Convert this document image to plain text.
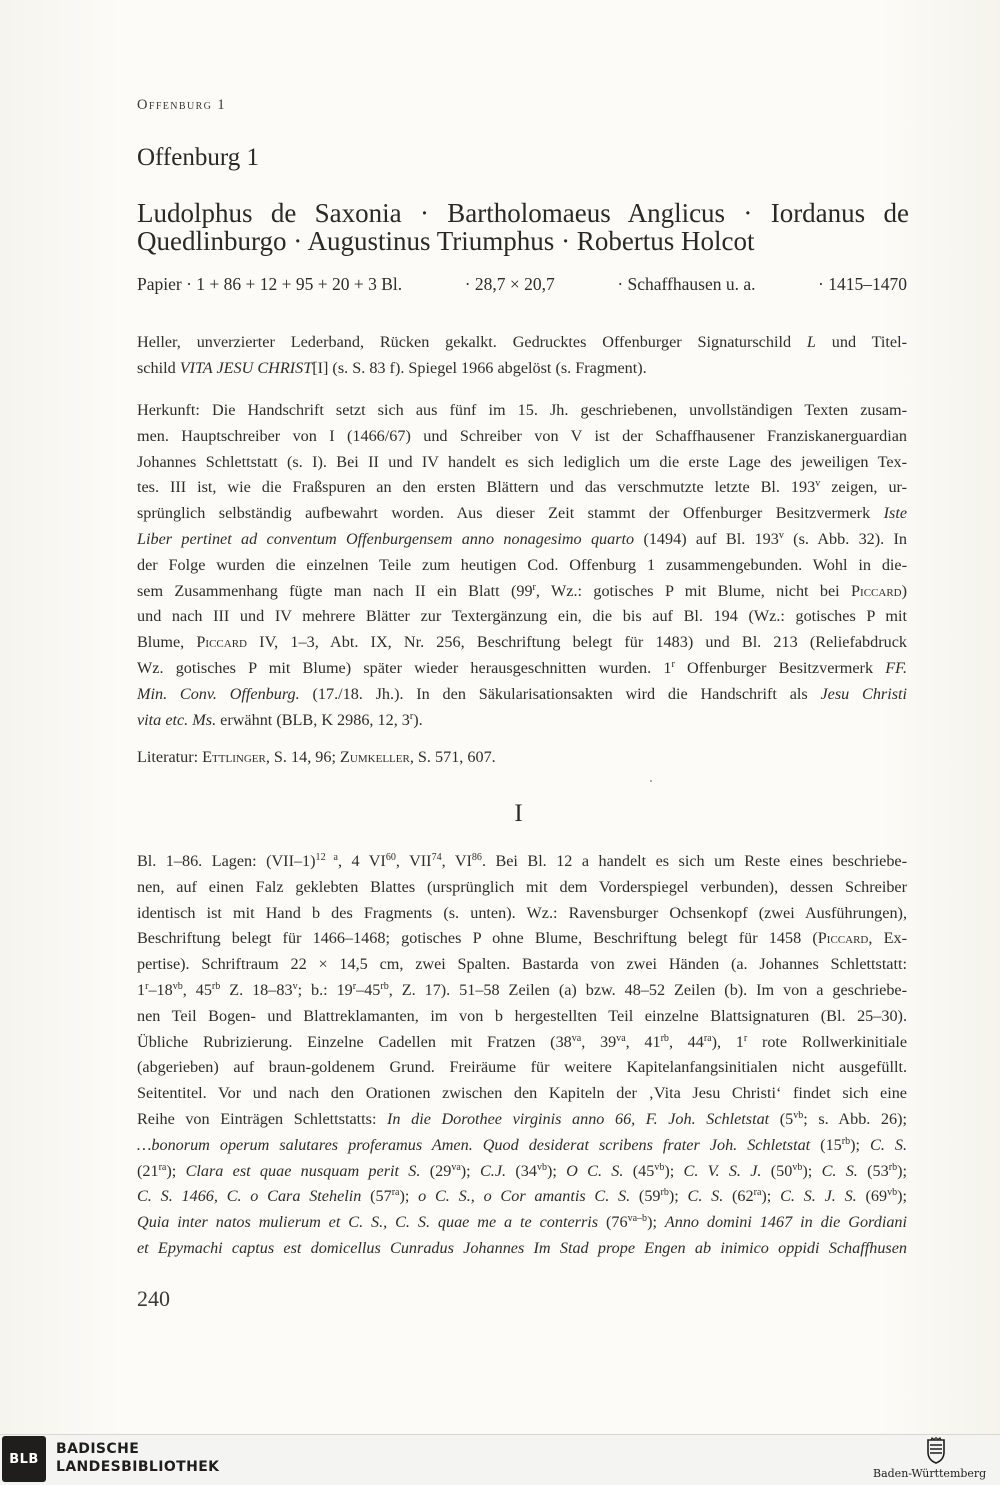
Offenburg 1
Offenburg 1
Ludolphus de Saxonia · Bartholomaeus Anglicus · Iordanus de
Quedlinburgo · Augustinus Triumphus · Robertus Holcot
Papier · 1 + 86 + 12 + 95 + 20 + 3 Bl.	· 28,7 × 20,7	· Schaffhausen u. a.	· 1415–1470
Heller, unverzierter Lederband, Rücken gekalkt. Gedrucktes Offenburger Signaturschild L und Titel-
schild VITA JESU CHRIST[I] (s. S. 83 f). Spiegel 1966 abgelöst (s. Fragment).
Herkunft: Die Handschrift setzt sich aus fünf im 15. Jh. geschriebenen, unvollständigen Texten zusam-
men. Hauptschreiber von I (1466/67) und Schreiber von V ist der Schaffhausener Franziskanerguardian
Johannes Schlettstatt (s. I). Bei II und IV handelt es sich lediglich um die erste Lage des jeweiligen Tex-
tes. III ist, wie die Fraßspuren an den ersten Blättern und das verschmutzte letzte Bl. 193$^v$ zeigen, ur-
sprünglich selbständig aufbewahrt worden. Aus dieser Zeit stammt der Offenburger Besitzvermerk Iste
Liber pertinet ad conventum Offenburgensem anno nonagesimo quarto (1494) auf Bl. 193$^v$ (s. Abb. 32). In
der Folge wurden die einzelnen Teile zum heutigen Cod. Offenburg 1 zusammengebunden. Wohl in die-
sem Zusammenhang fügte man nach II ein Blatt (99$^r$, Wz.: gotisches P mit Blume, nicht bei Piccard)
und nach III und IV mehrere Blätter zur Textergänzung ein, die bis auf Bl. 194 (Wz.: gotisches P mit
Blume, Piccard IV, 1–3, Abt. IX, Nr. 256, Beschriftung belegt für 1483) und Bl. 213 (Reliefabdruck
Wz. gotisches P mit Blume) später wieder herausgeschnitten wurden. 1$^r$ Offenburger Besitzvermerk FF.
Min. Conv. Offenburg. (17./18. Jh.). In den Säkularisationsakten wird die Handschrift als Jesu Christi
vita etc. Ms. erwähnt (BLB, K 2986, 12, 3$^r$).
Literatur: Ettlinger, S. 14, 96; Zumkeller, S. 571, 607.
I
Bl. 1–86. Lagen: $(VII-1)^{12 a}$, 4 VI$^{60}$, VII$^{74}$, VI$^{86}$. Bei Bl. 12 a handelt es sich um Reste eines beschriebe-
nen, auf einen Falz geklebten Blattes (ursprünglich mit dem Vorderspiegel verbunden), dessen Schreiber
identisch ist mit Hand b des Fragments (s. unten). Wz.: Ravensburger Ochsenkopf (zwei Ausführungen),
Beschriftung belegt für 1466–1468; gotisches P ohne Blume, Beschriftung belegt für 1458 (Piccard, Ex-
pertise). Schriftraum 22 × 14,5 cm, zwei Spalten. Bastarda von zwei Händen (a. Johannes Schlettstatt:
$1^r-18^{vb}$, $45^{rb}$ Z. 18–83$^v$; b.: $19^r-45^{rb}$, Z. 17). 51–58 Zeilen (a) bzw. 48–52 Zeilen (b). Im von a geschriebe-
nen Teil Bogen- und Blattreklamanten, im von b hergestellten Teil einzelne Blattsignaturen (Bl. 25–30).
Übliche Rubrizierung. Einzelne Cadellen mit Fratzen ($38^{va}$, $39^{va}$, $41^{rb}$, $44^{ra}$), 1$^r$ rote Rollwerkinitiale
(abgerieben) auf braun-goldenem Grund. Freiräume für weitere Kapitelanfangsinitialen nicht ausgefüllt.
Seitentitel. Vor und nach den Orationen zwischen den Kapiteln der ‚Vita Jesu Christi‘ findet sich eine
Reihe von Einträgen Schlettstatts: In die Dorothee virginis anno 66, F. Joh. Schletstat ($5^{vb}$; s. Abb. 26);
…bonorum operum salutares proferamus Amen. Quod desiderat scribens frater Joh. Schletstat $(15^{rb})$; C. S.
$(21^{ra})$; Clara est quae nusquam perit S. $(29^{va})$; C.J. $(34^{vb})$; O C. S. $(45^{vb})$; C. V. S. J. $(50^{vb})$; C. S. $(53^{rb})$;
C. S. 1466, C. o Cara Stehelin $(57^{ra})$; o C. S., o Cor amantis C. S. $(59^{rb})$; C. S. $(62^{ra})$; C. S. J. S. $(69^{vb})$;
Quia inter natos mulierum et C. S., C. S. quae me a te conterris $(76^{va-b})$; Anno domini 1467 in die Gordiani
et Epymachi captus est domicellus Cunradus Johannes Im Stad prope Engen ab inimico oppidi Schaffhusen
240
BLB
BADISCHE
LANDESBIBLIOTHEK	Baden-Württemberg
